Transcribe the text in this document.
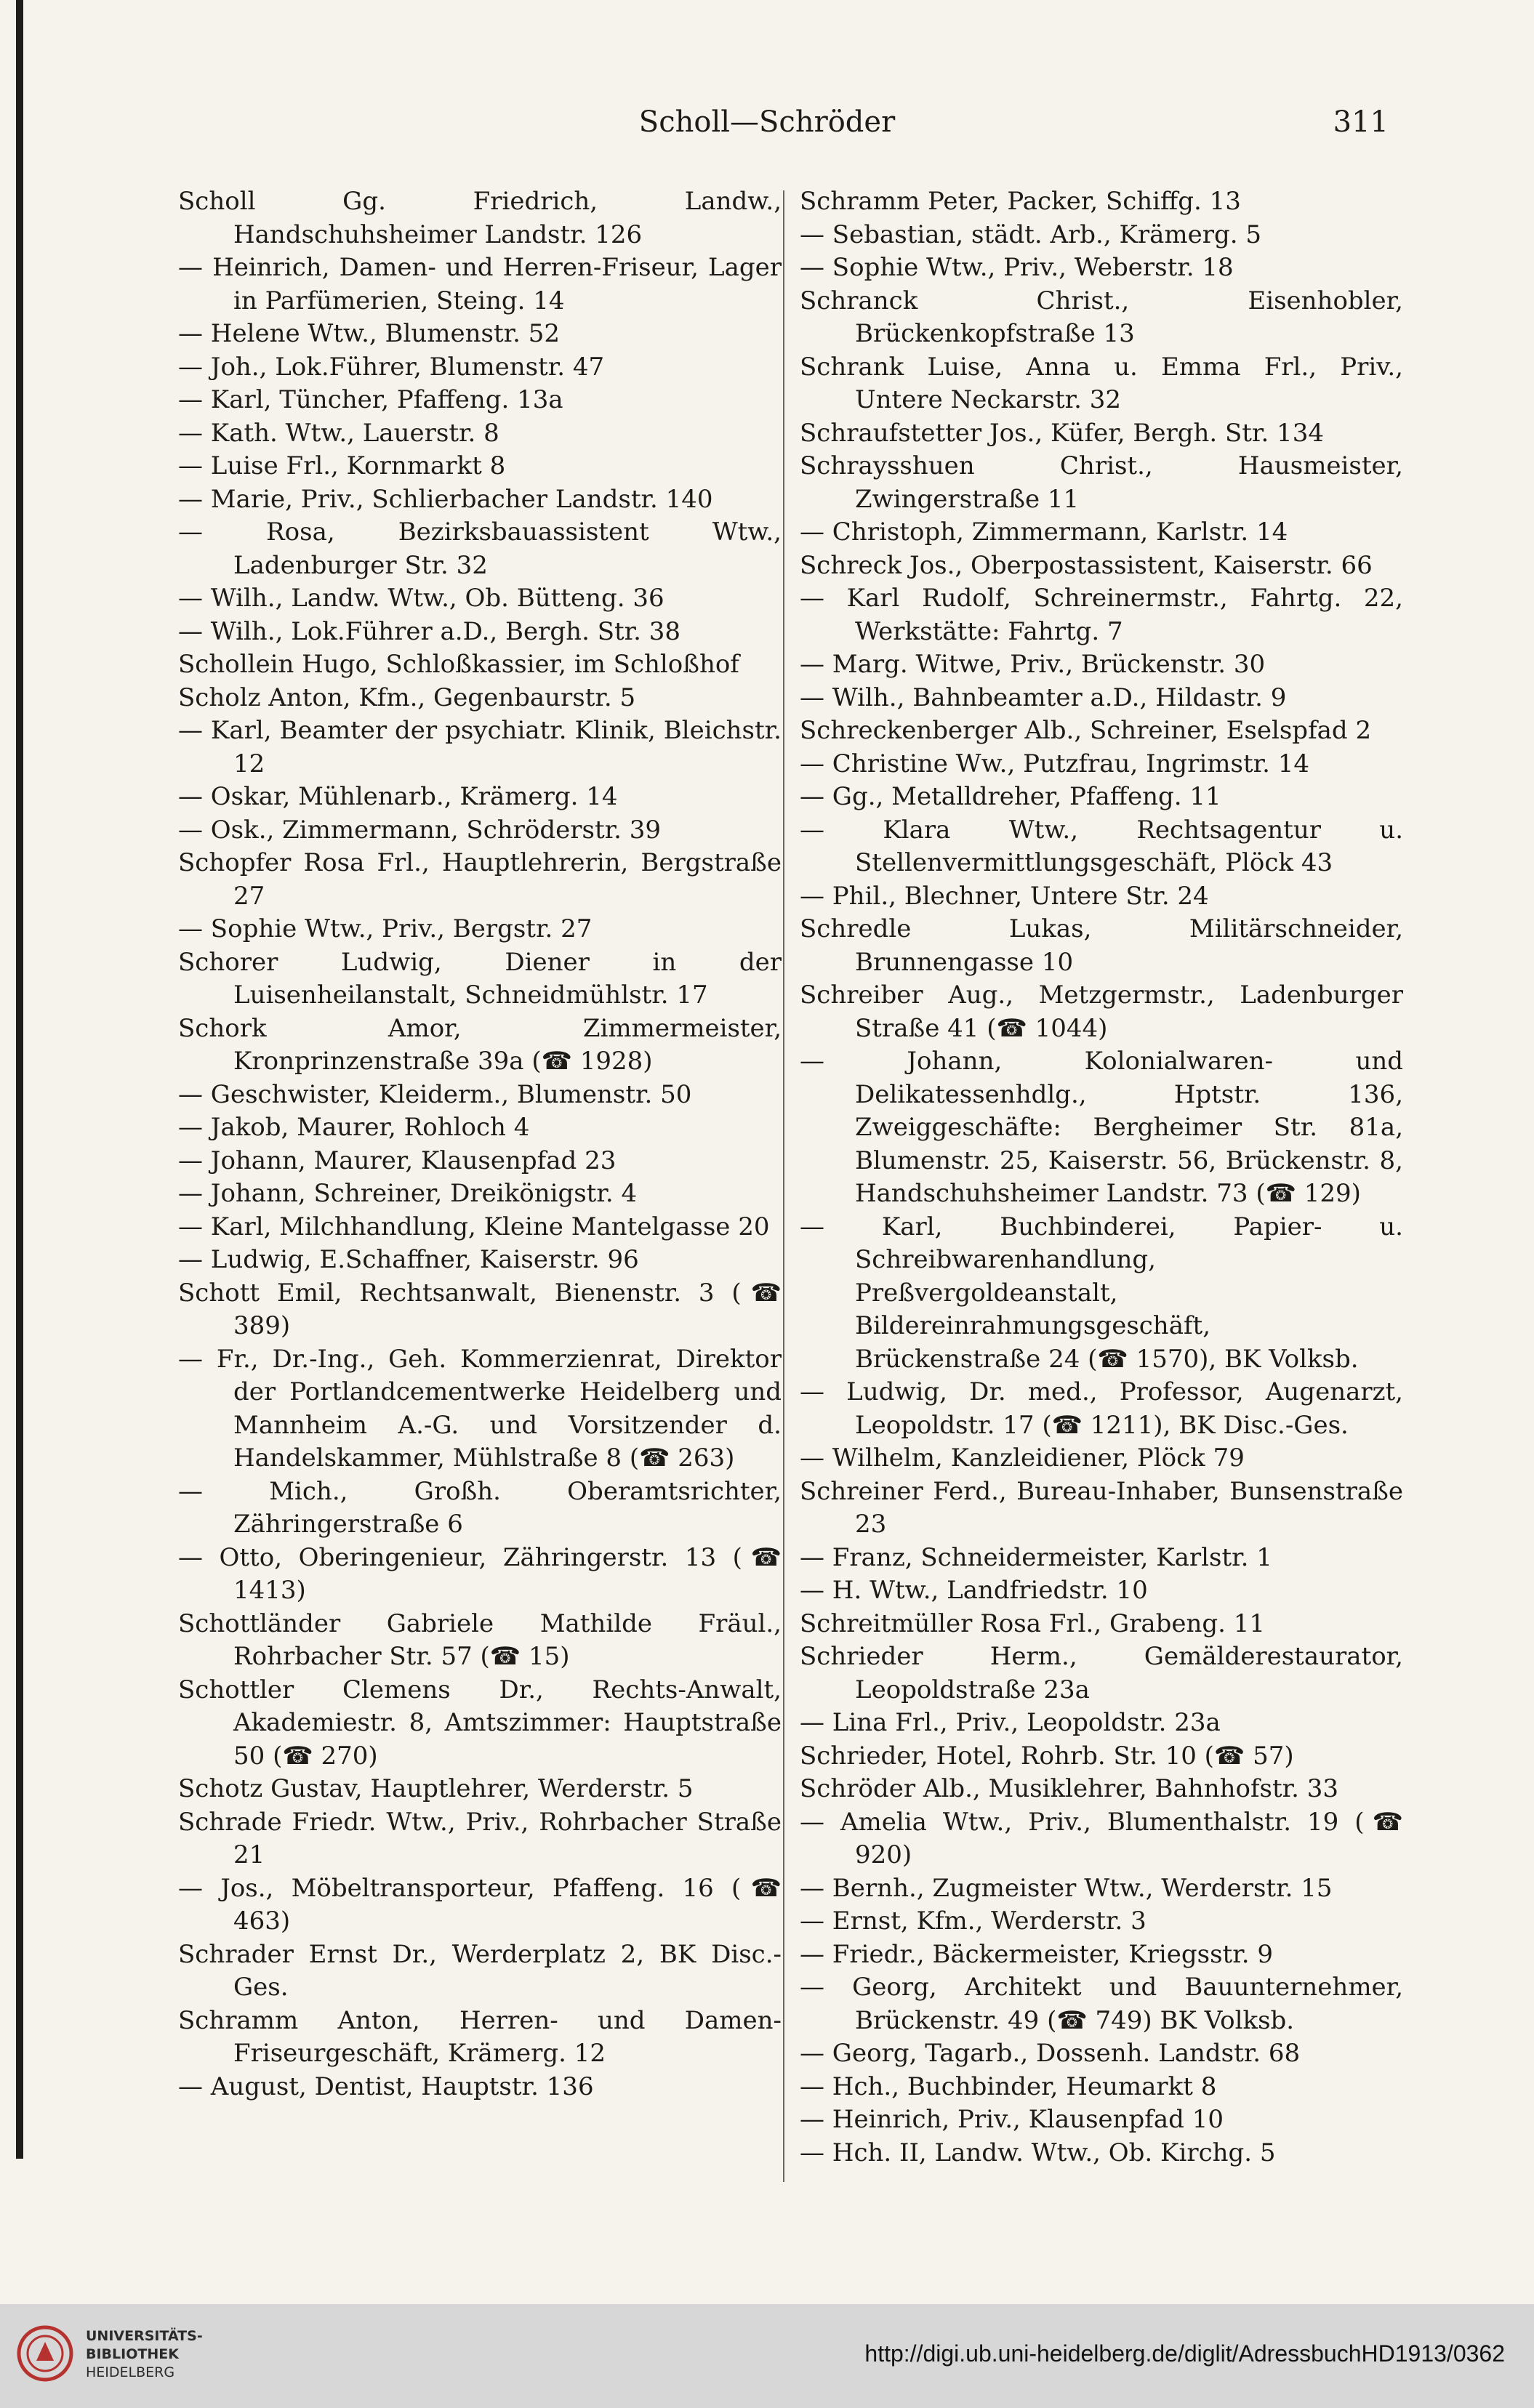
Scholl—Schröder	311
Scholl Gg. Friedrich, Landw., Handschuhsheimer Landstr. 126
— Heinrich, Damen- und Herren-Friseur, Lager in Parfümerien, Steing. 14
— Helene Wtw., Blumenstr. 52
— Joh., Lok.Führer, Blumenstr. 47
— Karl, Tüncher, Pfaffeng. 13a
— Kath. Wtw., Lauerstr. 8
— Luise Frl., Kornmarkt 8
— Marie, Priv., Schlierbacher Landstr. 140
— Rosa, Bezirksbauassistent Wtw., Ladenburger Str. 32
— Wilh., Landw. Wtw., Ob. Bütteng. 36
— Wilh., Lok.Führer a.D., Bergh. Str. 38
Schollein Hugo, Schloßkassier, im Schloßhof
Scholz Anton, Kfm., Gegenbaurstr. 5
— Karl, Beamter der psychiatr. Klinik, Bleichstr. 12
— Oskar, Mühlenarb., Krämerg. 14
— Osk., Zimmermann, Schröderstr. 39
Schopfer Rosa Frl., Hauptlehrerin, Bergstraße 27
— Sophie Wtw., Priv., Bergstr. 27
Schorer Ludwig, Diener in der Luisenheilanstalt, Schneidmühlstr. 17
Schork Amor, Zimmermeister, Kronprinzenstraße 39a (☎ 1928)
— Geschwister, Kleiderm., Blumenstr. 50
— Jakob, Maurer, Rohloch 4
— Johann, Maurer, Klausenpfad 23
— Johann, Schreiner, Dreikönigstr. 4
— Karl, Milchhandlung, Kleine Mantelgasse 20
— Ludwig, E.Schaffner, Kaiserstr. 96
Schott Emil, Rechtsanwalt, Bienenstr. 3 (☎ 389)
— Fr., Dr.-Ing., Geh. Kommerzienrat, Direktor der Portlandcementwerke Heidelberg und Mannheim A.-G. und Vorsitzender d. Handelskammer, Mühlstraße 8 (☎ 263)
— Mich., Großh. Oberamtsrichter, Zähringerstraße 6
— Otto, Oberingenieur, Zähringerstr. 13 (☎ 1413)
Schottländer Gabriele Mathilde Fräul., Rohrbacher Str. 57 (☎ 15)
Schottler Clemens Dr., Rechts-Anwalt, Akademiestr. 8, Amtszimmer: Hauptstraße 50 (☎ 270)
Schotz Gustav, Hauptlehrer, Werderstr. 5
Schrade Friedr. Wtw., Priv., Rohrbacher Straße 21
— Jos., Möbeltransporteur, Pfaffeng. 16 (☎ 463)
Schrader Ernst Dr., Werderplatz 2, BK Disc.-Ges.
Schramm Anton, Herren- und Damen-Friseurgeschäft, Krämerg. 12
— August, Dentist, Hauptstr. 136
Schramm Peter, Packer, Schiffg. 13
— Sebastian, städt. Arb., Krämerg. 5
— Sophie Wtw., Priv., Weberstr. 18
Schranck Christ., Eisenhobler, Brückenkopfstraße 13
Schrank Luise, Anna u. Emma Frl., Priv., Untere Neckarstr. 32
Schraufstetter Jos., Küfer, Bergh. Str. 134
Schraysshuen Christ., Hausmeister, Zwingerstraße 11
— Christoph, Zimmermann, Karlstr. 14
Schreck Jos., Oberpostassistent, Kaiserstr. 66
— Karl Rudolf, Schreinermstr., Fahrtg. 22, Werkstätte: Fahrtg. 7
— Marg. Witwe, Priv., Brückenstr. 30
— Wilh., Bahnbeamter a.D., Hildastr. 9
Schreckenberger Alb., Schreiner, Eselspfad 2
— Christine Ww., Putzfrau, Ingrimstr. 14
— Gg., Metalldreher, Pfaffeng. 11
— Klara Wtw., Rechtsagentur u. Stellenvermittlungsgeschäft, Plöck 43
— Phil., Blechner, Untere Str. 24
Schredle Lukas, Militärschneider, Brunnengasse 10
Schreiber Aug., Metzgermstr., Ladenburger Straße 41 (☎ 1044)
— Johann, Kolonialwaren- und Delikatessenhdlg., Hptstr. 136, Zweiggeschäfte: Bergheimer Str. 81a, Blumenstr. 25, Kaiserstr. 56, Brückenstr. 8, Handschuhsheimer Landstr. 73 (☎ 129)
— Karl, Buchbinderei, Papier- u. Schreibwarenhandlung, Preßvergoldeanstalt, Bildereinrahmungsgeschäft, Brückenstraße 24 (☎ 1570), BK Volksb.
— Ludwig, Dr. med., Professor, Augenarzt, Leopoldstr. 17 (☎ 1211), BK Disc.-Ges.
— Wilhelm, Kanzleidiener, Plöck 79
Schreiner Ferd., Bureau-Inhaber, Bunsenstraße 23
— Franz, Schneidermeister, Karlstr. 1
— H. Wtw., Landfriedstr. 10
Schreitmüller Rosa Frl., Grabeng. 11
Schrieder Herm., Gemälderestaurator, Leopoldstraße 23a
— Lina Frl., Priv., Leopoldstr. 23a
Schrieder, Hotel, Rohrb. Str. 10 (☎ 57)
Schröder Alb., Musiklehrer, Bahnhofstr. 33
— Amelia Wtw., Priv., Blumenthalstr. 19 (☎ 920)
— Bernh., Zugmeister Wtw., Werderstr. 15
— Ernst, Kfm., Werderstr. 3
— Friedr., Bäckermeister, Kriegsstr. 9
— Georg, Architekt und Bauunternehmer, Brückenstr. 49 (☎ 749) BK Volksb.
— Georg, Tagarb., Dossenh. Landstr. 68
— Hch., Buchbinder, Heumarkt 8
— Heinrich, Priv., Klausenpfad 10
— Hch. II, Landw. Wtw., Ob. Kirchg. 5
UNIVERSITÄTS-
BIBLIOTHEK
HEIDELBERG
http://digi.ub.uni-heidelberg.de/diglit/AdressbuchHD1913/0362
